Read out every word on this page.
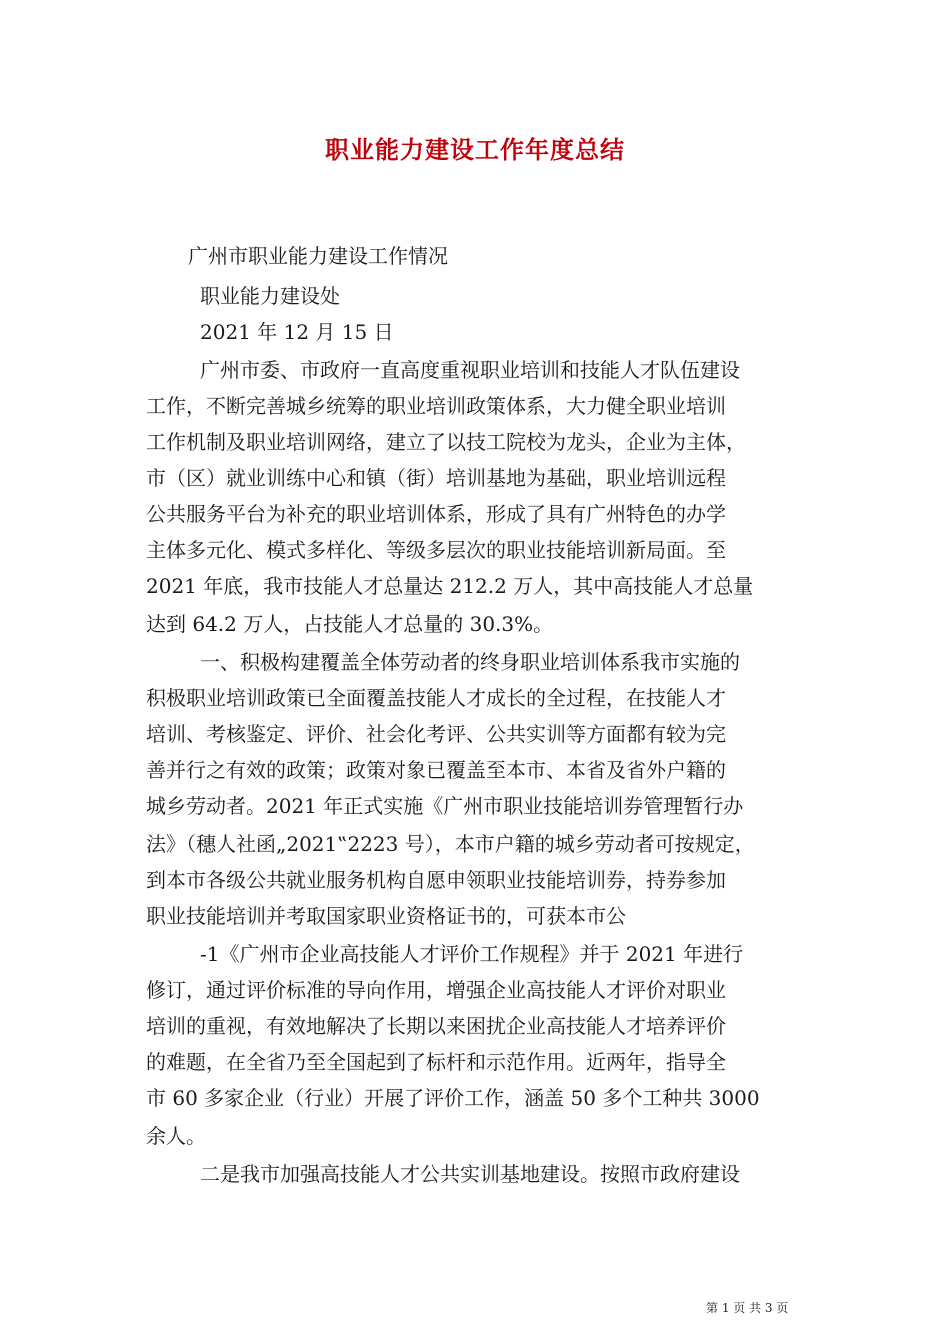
职业能力建设工作年度总结
广州市职业能力建设工作情况
职业能力建设处
2021 年 12 月 15 日
广州市委、市政府一直高度重视职业培训和技能人才队伍建设
工作，不断完善城乡统筹的职业培训政策体系，大力健全职业培训
工作机制及职业培训网络，建立了以技工院校为龙头，企业为主体，
市（区）就业训练中心和镇（街）培训基地为基础，职业培训远程
公共服务平台为补充的职业培训体系，形成了具有广州特色的办学
主体多元化、模式多样化、等级多层次的职业技能培训新局面。至
2021 年底，我市技能人才总量达 212.2 万人，其中高技能人才总量
达到 64.2 万人，占技能人才总量的 30.3%。
一、积极构建覆盖全体劳动者的终身职业培训体系我市实施的
积极职业培训政策已全面覆盖技能人才成长的全过程，在技能人才
培训、考核鉴定、评价、社会化考评、公共实训等方面都有较为完
善并行之有效的政策；政策对象已覆盖至本市、本省及省外户籍的
城乡劳动者。2021 年正式实施《广州市职业技能培训券管理暂行办
法》（穗人社函„2021‟2223 号），本市户籍的城乡劳动者可按规定，
到本市各级公共就业服务机构自愿申领职业技能培训券，持券参加
职业技能培训并考取国家职业资格证书的，可获本市公
-1《广州市企业高技能人才评价工作规程》并于 2021 年进行
修订，通过评价标准的导向作用，增强企业高技能人才评价对职业
培训的重视，有效地解决了长期以来困扰企业高技能人才培养评价
的难题，在全省乃至全国起到了标杆和示范作用。近两年，指导全
市 60 多家企业（行业）开展了评价工作，涵盖 50 多个工种共 3000
余人。
二是我市加强高技能人才公共实训基地建设。按照市政府建设
第 1 页 共 3 页
